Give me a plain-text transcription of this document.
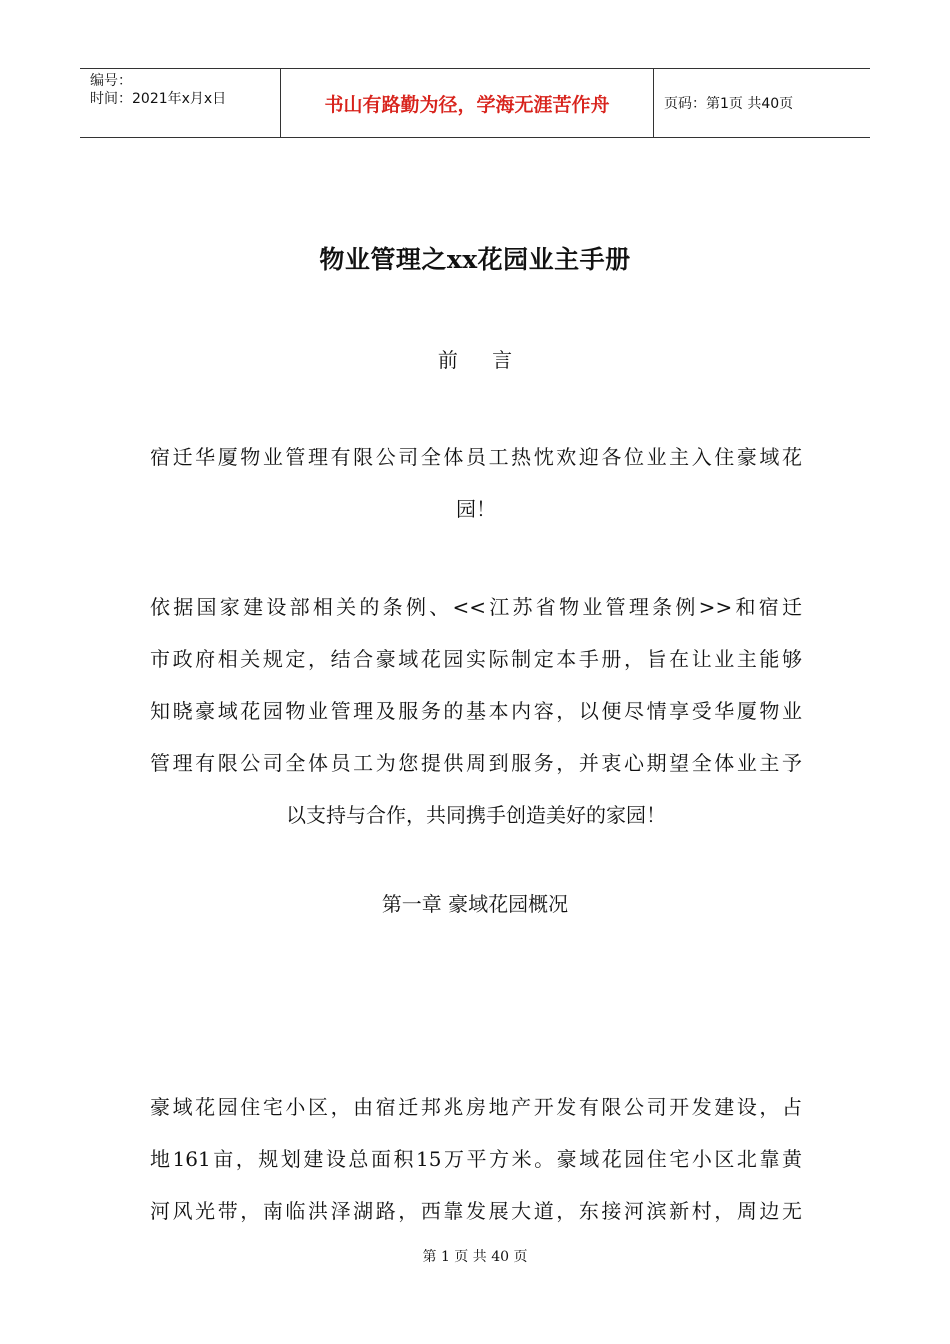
编号：
时间：2021年x月x日	书山有路勤为径，学海无涯苦作舟	页码：第1页 共40页
物业管理之xx花园业主手册
前 言
宿迁华厦物业管理有限公司全体员工热忱欢迎各位业主入住豪域花
园！
依据国家建设部相关的条例、<<江苏省物业管理条例>>和宿迁
市政府相关规定，结合豪域花园实际制定本手册，旨在让业主能够
知晓豪域花园物业管理及服务的基本内容，以便尽情享受华厦物业
管理有限公司全体员工为您提供周到服务，并衷心期望全体业主予
以支持与合作，共同携手创造美好的家园！
第一章 豪域花园概况
豪域花园住宅小区，由宿迁邦兆房地产开发有限公司开发建设，占
地161亩，规划建设总面积15万平方米。豪域花园住宅小区北靠黄
河风光带，南临洪泽湖路，西靠发展大道，东接河滨新村，周边无
第 1 页 共 40 页
